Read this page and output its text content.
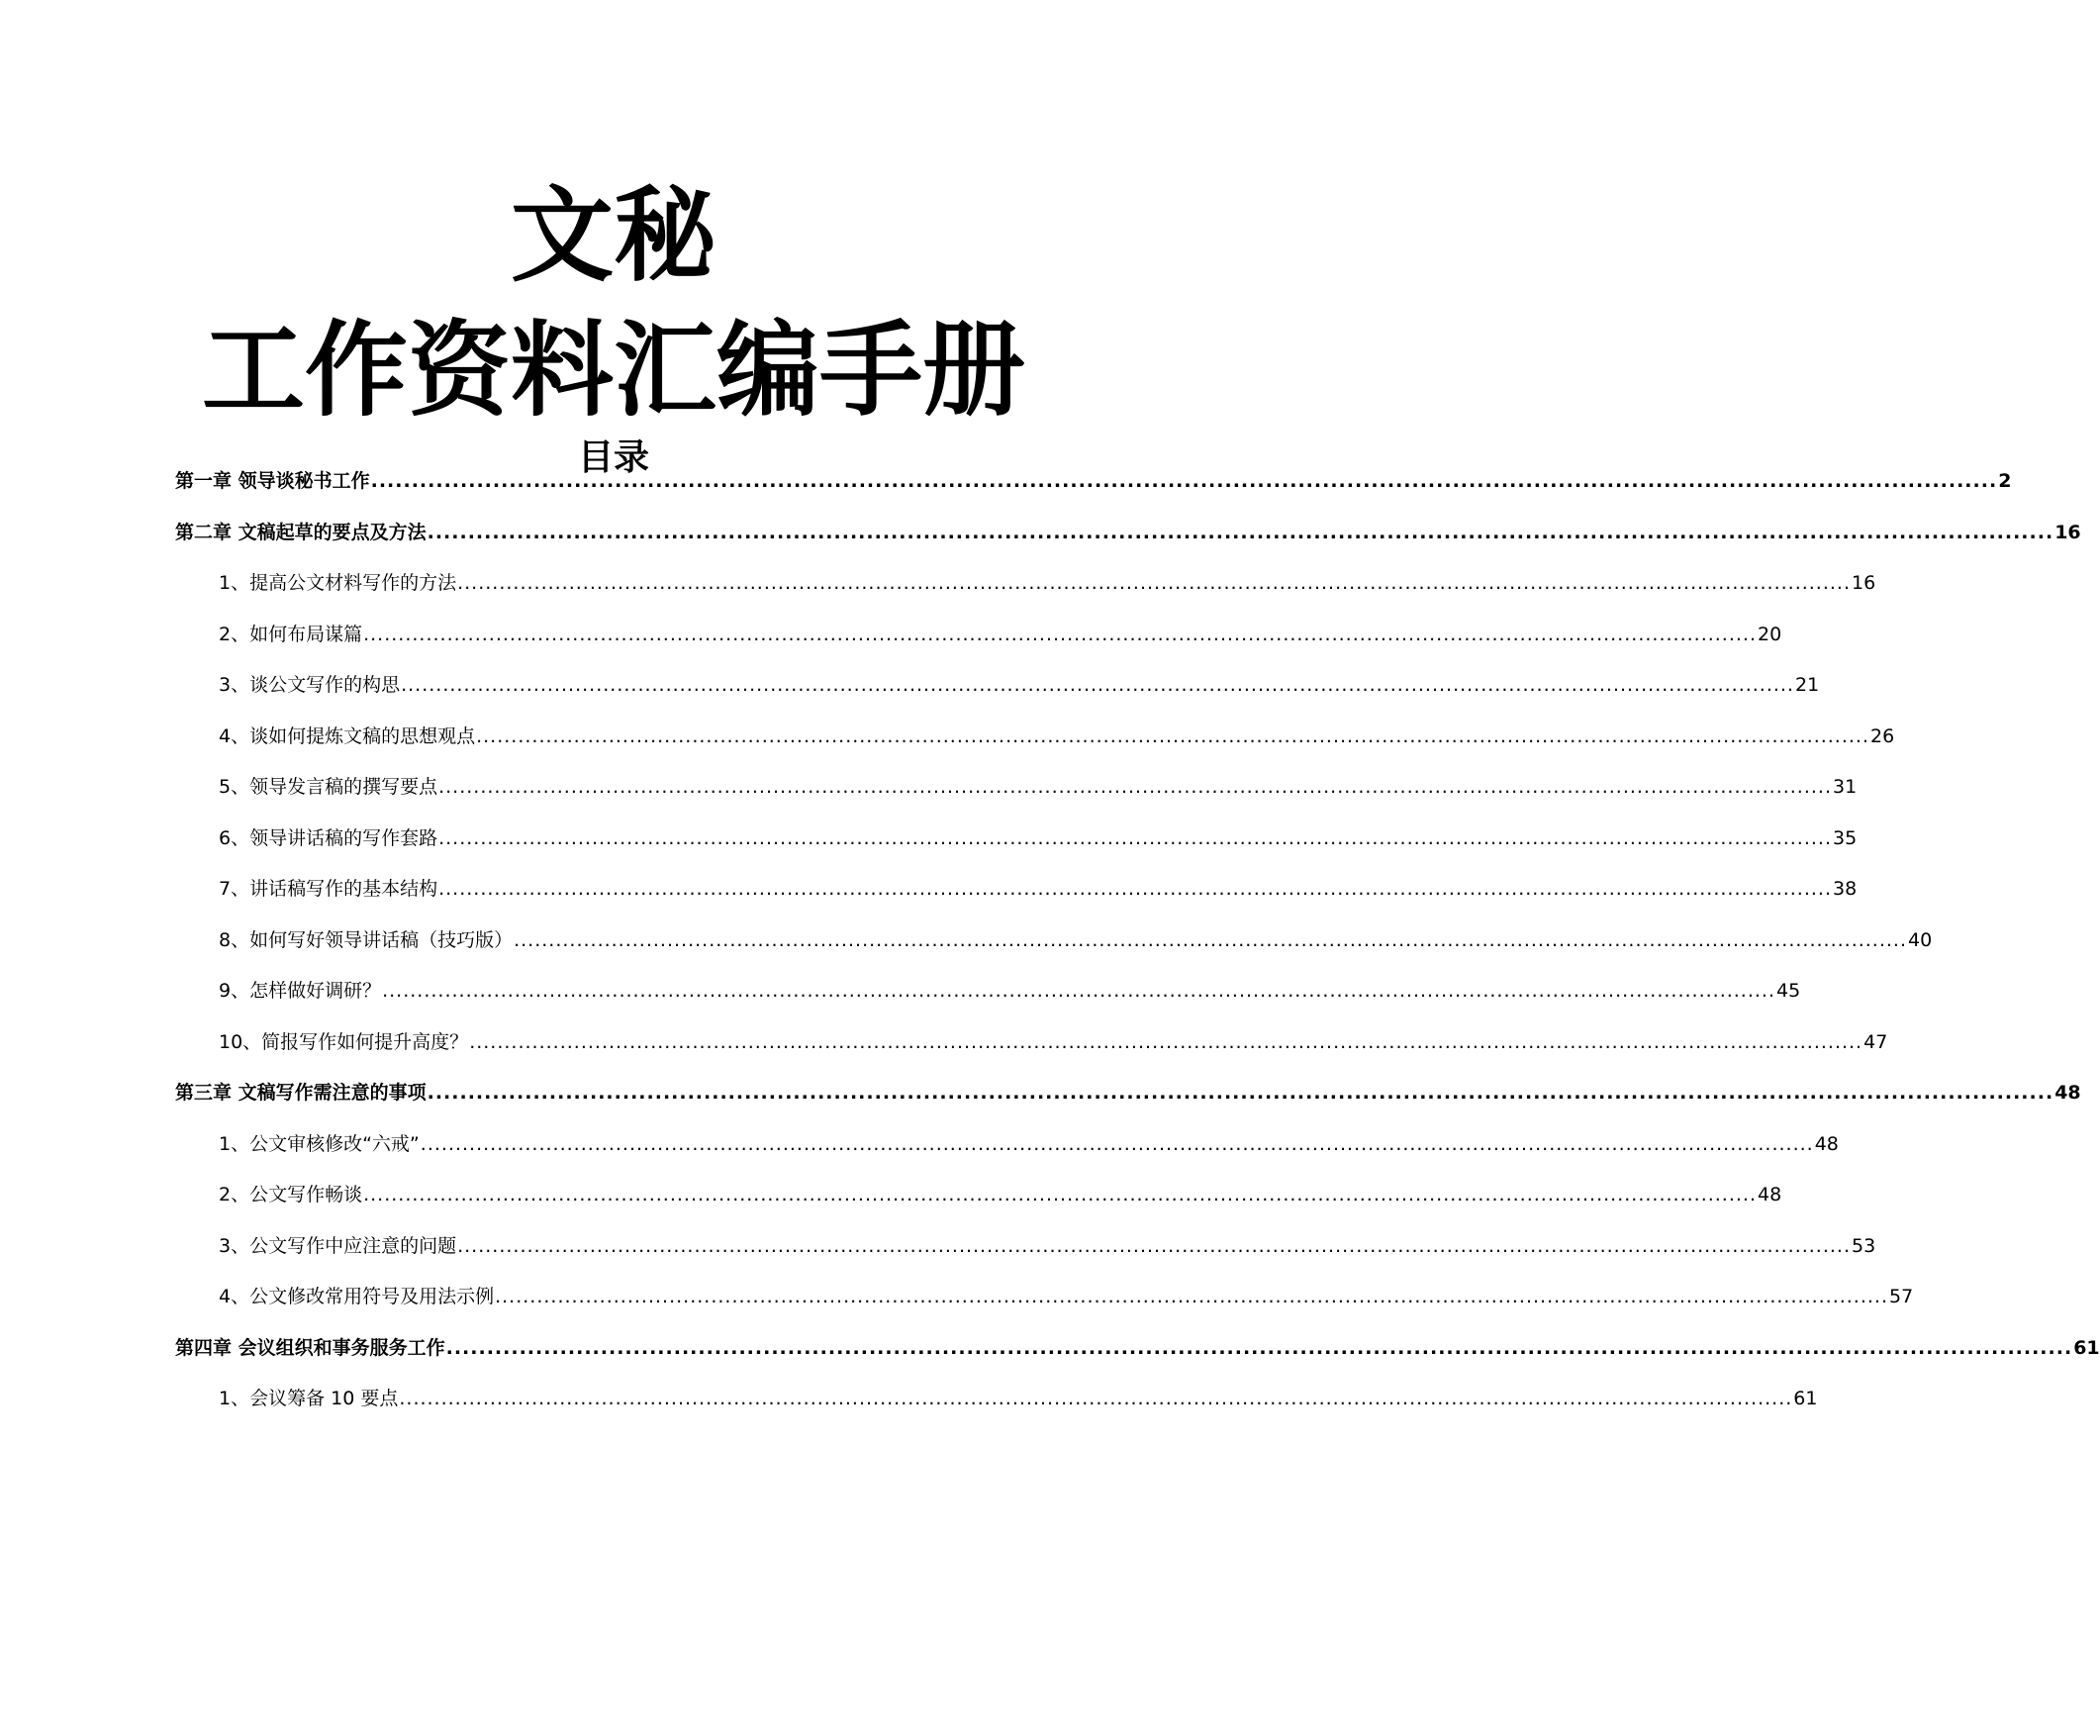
文秘
工作资料汇编手册
目录
第一章 领导谈秘书工作 ........................................................................................................................................................................................................ 2
第二章 文稿起草的要点及方法 ........................................................................................................................................................................................................ 16
1、提高公文材料写作的方法 ........................................................................................................................................................................................................ 16
2、如何布局谋篇 ........................................................................................................................................................................................................ 20
3、谈公文写作的构思 ........................................................................................................................................................................................................ 21
4、谈如何提炼文稿的思想观点 ........................................................................................................................................................................................................ 26
5、领导发言稿的撰写要点 ........................................................................................................................................................................................................ 31
6、领导讲话稿的写作套路 ........................................................................................................................................................................................................ 35
7、讲话稿写作的基本结构 ........................................................................................................................................................................................................ 38
8、如何写好领导讲话稿（技巧版） ........................................................................................................................................................................................................ 40
9、怎样做好调研？ ........................................................................................................................................................................................................ 45
10、简报写作如何提升高度？ ........................................................................................................................................................................................................ 47
第三章 文稿写作需注意的事项 ........................................................................................................................................................................................................ 48
1、公文审核修改“六戒” ........................................................................................................................................................................................................ 48
2、公文写作畅谈 ........................................................................................................................................................................................................ 48
3、公文写作中应注意的问题 ........................................................................................................................................................................................................ 53
4、公文修改常用符号及用法示例 ........................................................................................................................................................................................................ 57
第四章 会议组织和事务服务工作 ........................................................................................................................................................................................................ 61
1、会议筹备 10 要点 ........................................................................................................................................................................................................ 61
